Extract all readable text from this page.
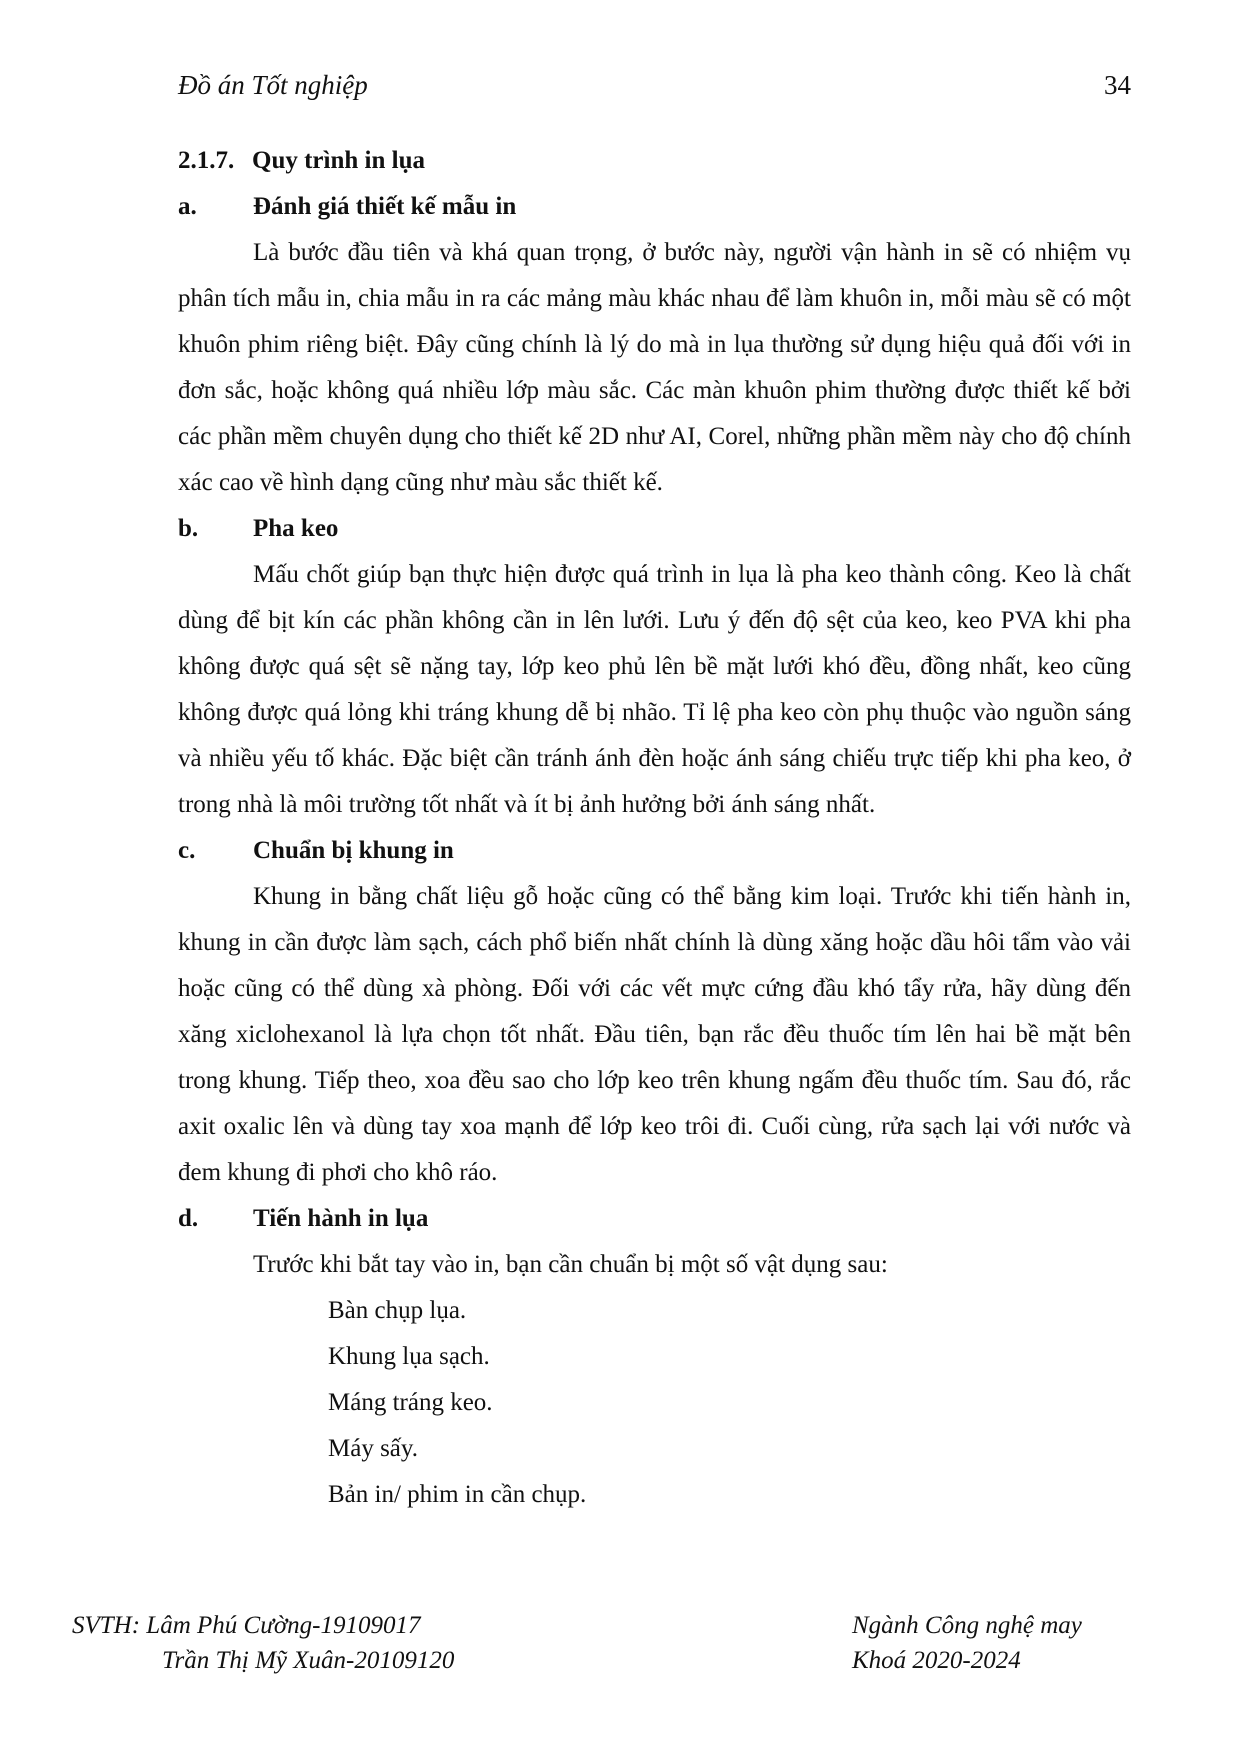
Đồ án Tốt nghiệp	34
2.1.7. Quy trình in lụa
a.	Đánh giá thiết kế mẫu in

Là bước đầu tiên và khá quan trọng, ở bước này, người vận hành in sẽ có nhiệm vụ phân tích mẫu in, chia mẫu in ra các mảng màu khác nhau để làm khuôn in, mỗi màu sẽ có một khuôn phim riêng biệt. Đây cũng chính là lý do mà in lụa thường sử dụng hiệu quả đối với in đơn sắc, hoặc không quá nhiều lớp màu sắc. Các màn khuôn phim thường được thiết kế bởi các phần mềm chuyên dụng cho thiết kế 2D như AI, Corel, những phần mềm này cho độ chính xác cao về hình dạng cũng như màu sắc thiết kế.

b.	Pha keo

Mấu chốt giúp bạn thực hiện được quá trình in lụa là pha keo thành công. Keo là chất dùng để bịt kín các phần không cần in lên lưới. Lưu ý đến độ sệt của keo, keo PVA khi pha không được quá sệt sẽ nặng tay, lớp keo phủ lên bề mặt lưới khó đều, đồng nhất, keo cũng không được quá lỏng khi tráng khung dễ bị nhão. Tỉ lệ pha keo còn phụ thuộc vào nguồn sáng và nhiều yếu tố khác. Đặc biệt cần tránh ánh đèn hoặc ánh sáng chiếu trực tiếp khi pha keo, ở trong nhà là môi trường tốt nhất và ít bị ảnh hưởng bởi ánh sáng nhất.

c.	Chuẩn bị khung in

Khung in bằng chất liệu gỗ hoặc cũng có thể bằng kim loại. Trước khi tiến hành in, khung in cần được làm sạch, cách phổ biến nhất chính là dùng xăng hoặc dầu hôi tẩm vào vải hoặc cũng có thể dùng xà phòng. Đối với các vết mực cứng đầu khó tẩy rửa, hãy dùng đến xăng xiclohexanol là lựa chọn tốt nhất. Đầu tiên, bạn rắc đều thuốc tím lên hai bề mặt bên trong khung. Tiếp theo, xoa đều sao cho lớp keo trên khung ngấm đều thuốc tím. Sau đó, rắc axit oxalic lên và dùng tay xoa mạnh để lớp keo trôi đi. Cuối cùng, rửa sạch lại với nước và đem khung đi phơi cho khô ráo.

d.	Tiến hành in lụa

Trước khi bắt tay vào in, bạn cần chuẩn bị một số vật dụng sau:

Bàn chụp lụa.

Khung lụa sạch.

Máng tráng keo.

Máy sấy.

Bản in/ phim in cần chụp.

SVTH: Lâm Phú Cường-19109017
Trần Thị Mỹ Xuân-20109120
Ngành Công nghệ may
Khoá 2020-2024
